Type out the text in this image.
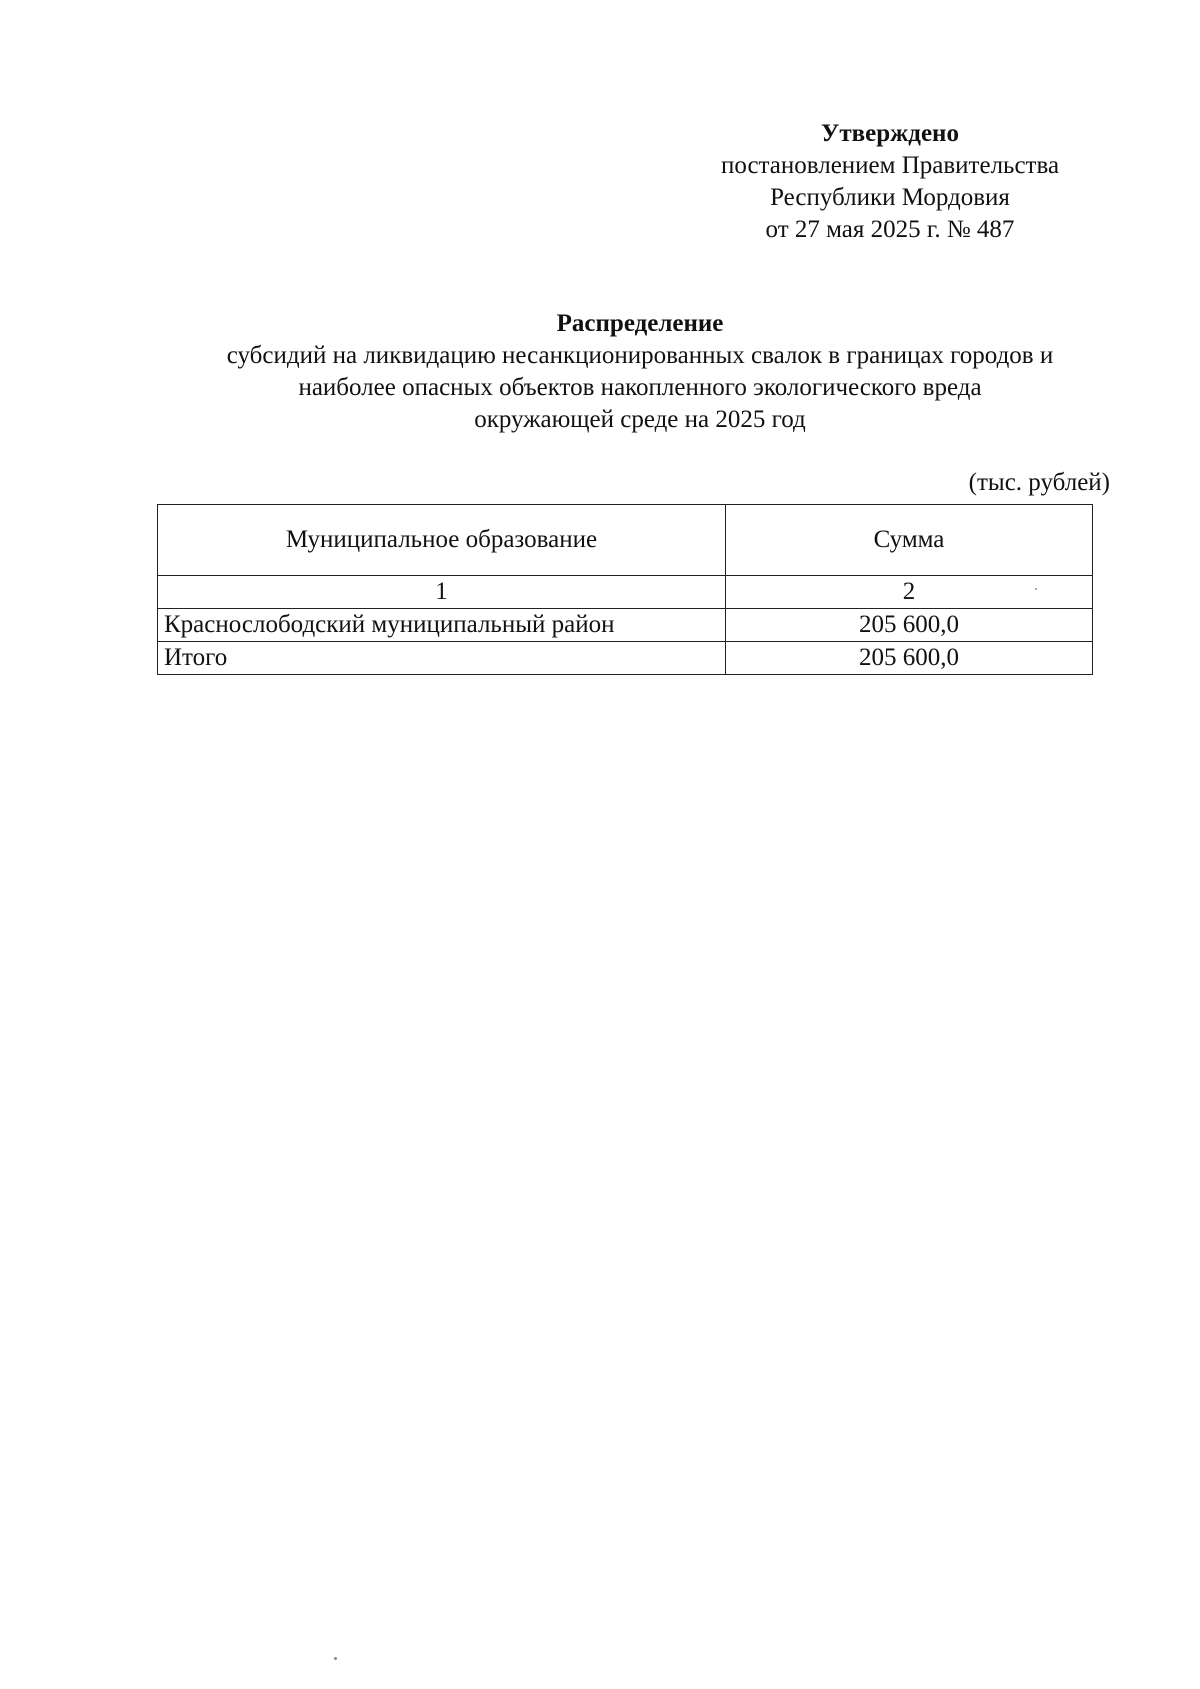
Утверждено
постановлением Правительства
Республики Мордовия
от 27 мая 2025 г. № 487
Распределение
субсидий на ликвидацию несанкционированных свалок в границах городов и
наиболее опасных объектов накопленного экологического вреда
окружающей среде на 2025 год
(тыс. рублей)
Муниципальное образование	Сумма
1	2
Краснослободский муниципальный район	205 600,0
Итого	205 600,0
